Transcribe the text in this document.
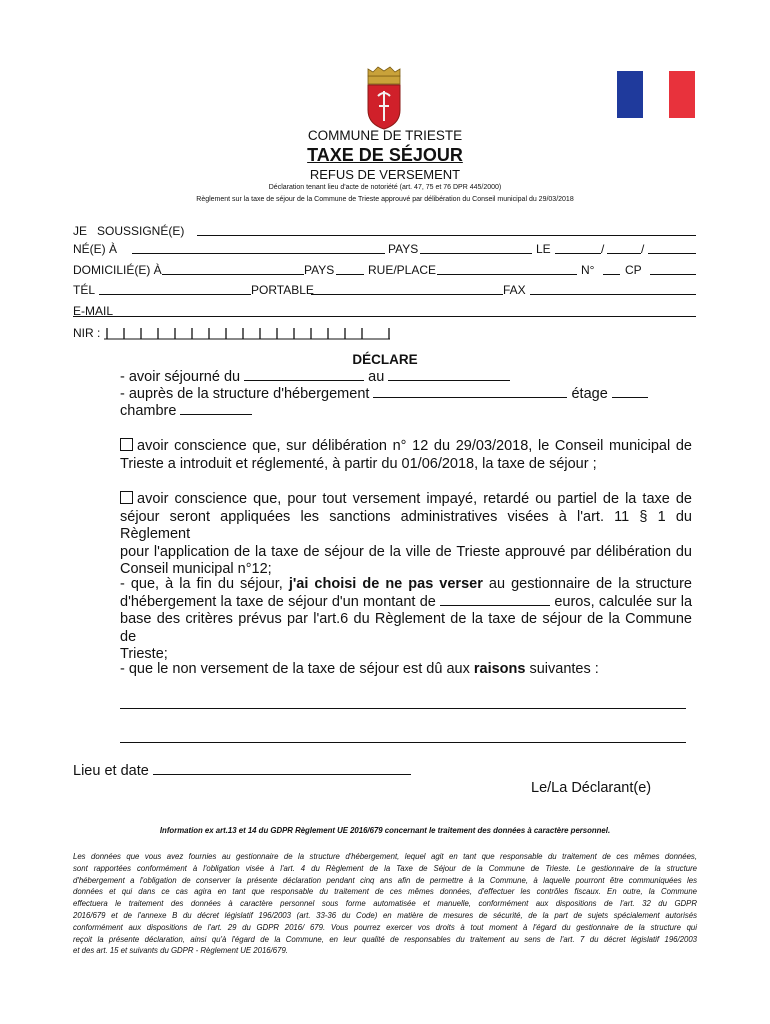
COMMUNE DE TRIESTE
TAXE DE SÉJOUR
REFUS DE VERSEMENT
Déclaration tenant lieu d'acte de notoriété (art. 47, 75 et 76 DPR 445/2000)
Règlement sur la taxe de séjour de la Commune de Trieste approuvé par délibération du Conseil municipal du 29/03/2018
JE SOUSSIGNÉ(E)
NÉ(E) À	PAYS	LE	/	/
DOMICILIÉ(E) À	PAYS	RUE/PLACE	N°	CP
TÉL	PORTABLE	FAX
E-MAIL
NIR :
DÉCLARE
- avoir séjourné du	au
- auprès de la structure d'hébergement	étage
chambre
avoir conscience que, sur délibération n° 12 du 29/03/2018, le Conseil municipal de
Trieste a introduit et réglementé, à partir du 01/06/2018, la taxe de séjour ;
avoir conscience que, pour tout versement impayé, retardé ou partiel de la taxe de
séjour seront appliquées les sanctions administratives visées à l'art. 11 § 1 du Règlement
pour l'application de la taxe de séjour de la ville de Trieste approuvé par délibération du
Conseil municipal n°12;
- que, à la fin du séjour, j'ai choisi de ne pas verser au gestionnaire de la structure
d'hébergement la taxe de séjour d'un montant de	euros, calculée sur la
base des critères prévus par l'art.6 du Règlement de la taxe de séjour de la Commune de
Trieste;
- que le non versement de la taxe de séjour est dû aux raisons suivantes :
Lieu et date
Le/La Déclarant(e)
Information ex art.13 et 14 du GDPR Règlement UE 2016/679 concernant le traitement des données à caractère personnel.
Les données que vous avez fournies au gestionnaire de la structure d'hébergement, lequel agit en tant que responsable du traitement de ces mêmes données,
sont rapportées conformément à l'obligation visée à l'art. 4 du Règlement de la Taxe de Séjour de la Commune de Trieste. Le gestionnaire de la structure
d'hébergement a l'obligation de conserver la présente déclaration pendant cinq ans afin de permettre à la Commune, à laquelle pourront être communiquées les
données et qui dans ce cas agira en tant que responsable du traitement de ces mêmes données, d'effectuer les contrôles fiscaux. En outre, la Commune
effectuera le traitement des données à caractère personnel sous forme automatisée et manuelle, conformément aux dispositions de l'art. 32 du GDPR
2016/679 et de l'annexe B du décret législatif 196/2003 (art. 33-36 du Code) en matière de mesures de sécurité, de la part de sujets spécialement autorisés
conformément aux dispositions de l'art. 29 du GDPR 2016/ 679. Vous pourrez exercer vos droits à tout moment à l'égard du gestionnaire de la structure qui
reçoit la présente déclaration, ainsi qu'à l'égard de la Commune, en leur qualité de responsables du traitement au sens de l'art. 7 du décret législatif 196/2003
et des art. 15 et suivants du GDPR - Règlement UE 2016/679.
